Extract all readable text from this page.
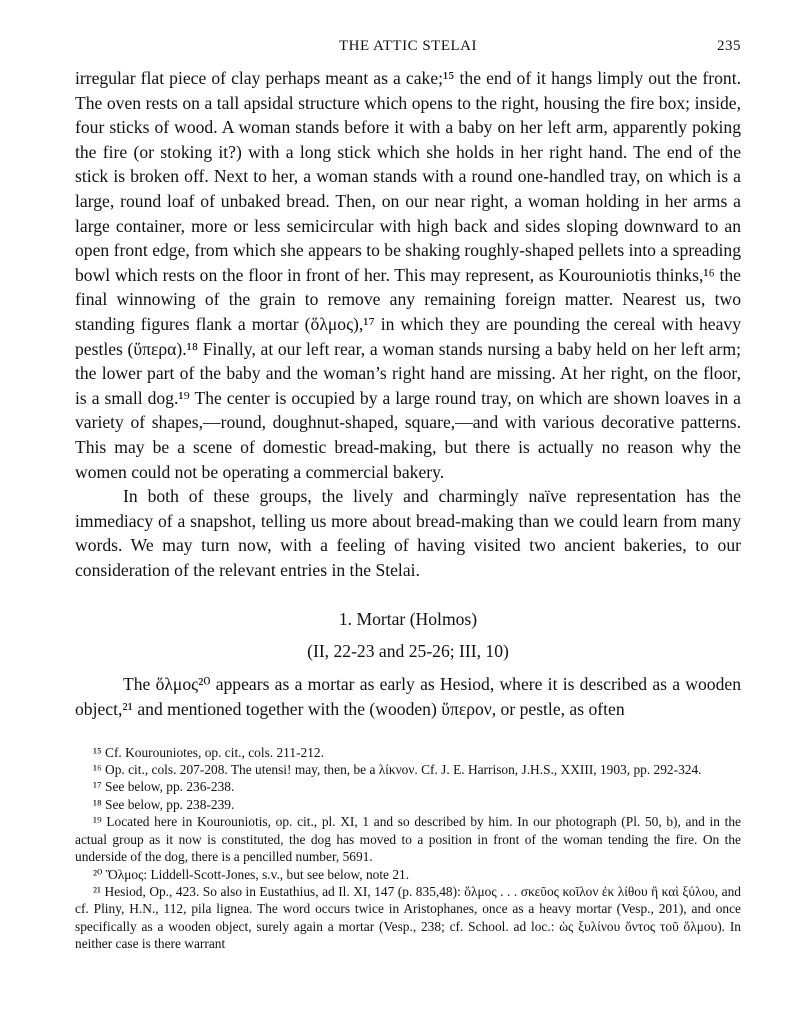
THE ATTIC STELAI	235

irregular flat piece of clay perhaps meant as a cake;¹⁵ the end of it hangs limply out the front. The oven rests on a tall apsidal structure which opens to the right, housing the fire box; inside, four sticks of wood. A woman stands before it with a baby on her left arm, apparently poking the fire (or stoking it?) with a long stick which she holds in her right hand. The end of the stick is broken off. Next to her, a woman stands with a round one-handled tray, on which is a large, round loaf of unbaked bread. Then, on our near right, a woman holding in her arms a large container, more or less semicircular with high back and sides sloping downward to an open front edge, from which she appears to be shaking roughly-shaped pellets into a spreading bowl which rests on the floor in front of her. This may represent, as Kourouniotis thinks,¹⁶ the final winnowing of the grain to remove any remaining foreign matter. Nearest us, two standing figures flank a mortar (ὅλμος),¹⁷ in which they are pounding the cereal with heavy pestles (ὕπερα).¹⁸ Finally, at our left rear, a woman stands nursing a baby held on her left arm; the lower part of the baby and the woman’s right hand are missing. At her right, on the floor, is a small dog.¹⁹ The center is occupied by a large round tray, on which are shown loaves in a variety of shapes,—round, doughnut-shaped, square,—and with various decorative patterns. This may be a scene of domestic bread-making, but there is actually no reason why the women could not be operating a commercial bakery.

In both of these groups, the lively and charmingly naïve representation has the immediacy of a snapshot, telling us more about bread-making than we could learn from many words. We may turn now, with a feeling of having visited two ancient bakeries, to our consideration of the relevant entries in the Stelai.

1. Mortar (Holmos)
(II, 22-23 and 25-26; III, 10)

The ὅλμος²⁰ appears as a mortar as early as Hesiod, where it is described as a wooden object,²¹ and mentioned together with the (wooden) ὕπερον, or pestle, as often

¹⁵ Cf. Kourouniotes, op. cit., cols. 211-212.

¹⁶ Op. cit., cols. 207-208. The utensi! may, then, be a λίκνον. Cf. J. E. Harrison, J.H.S., XXIII, 1903, pp. 292-324.

¹⁷ See below, pp. 236-238.

¹⁸ See below, pp. 238-239.

¹⁹ Located here in Kourouniotis, op. cit., pl. XI, 1 and so described by him. In our photograph (Pl. 50, b), and in the actual group as it now is constituted, the dog has moved to a position in front of the woman tending the fire. On the underside of the dog, there is a pencilled number, 5691.

²⁰ Ὅλμος: Liddell-Scott-Jones, s.v., but see below, note 21.

²¹ Hesiod, Op., 423. So also in Eustathius, ad Il. XI, 147 (p. 835,48): ὅλμος . . . σκεῦος κοῖλον ἐκ λίθου ἢ καὶ ξύλου, and cf. Pliny, H.N., 112, pila lignea. The word occurs twice in Aristophanes, once as a heavy mortar (Vesp., 201), and once specifically as a wooden object, surely again a mortar (Vesp., 238; cf. School. ad loc.: ὡς ξυλίνου ὄντος τοῦ ὅλμου). In neither case is there warrant
